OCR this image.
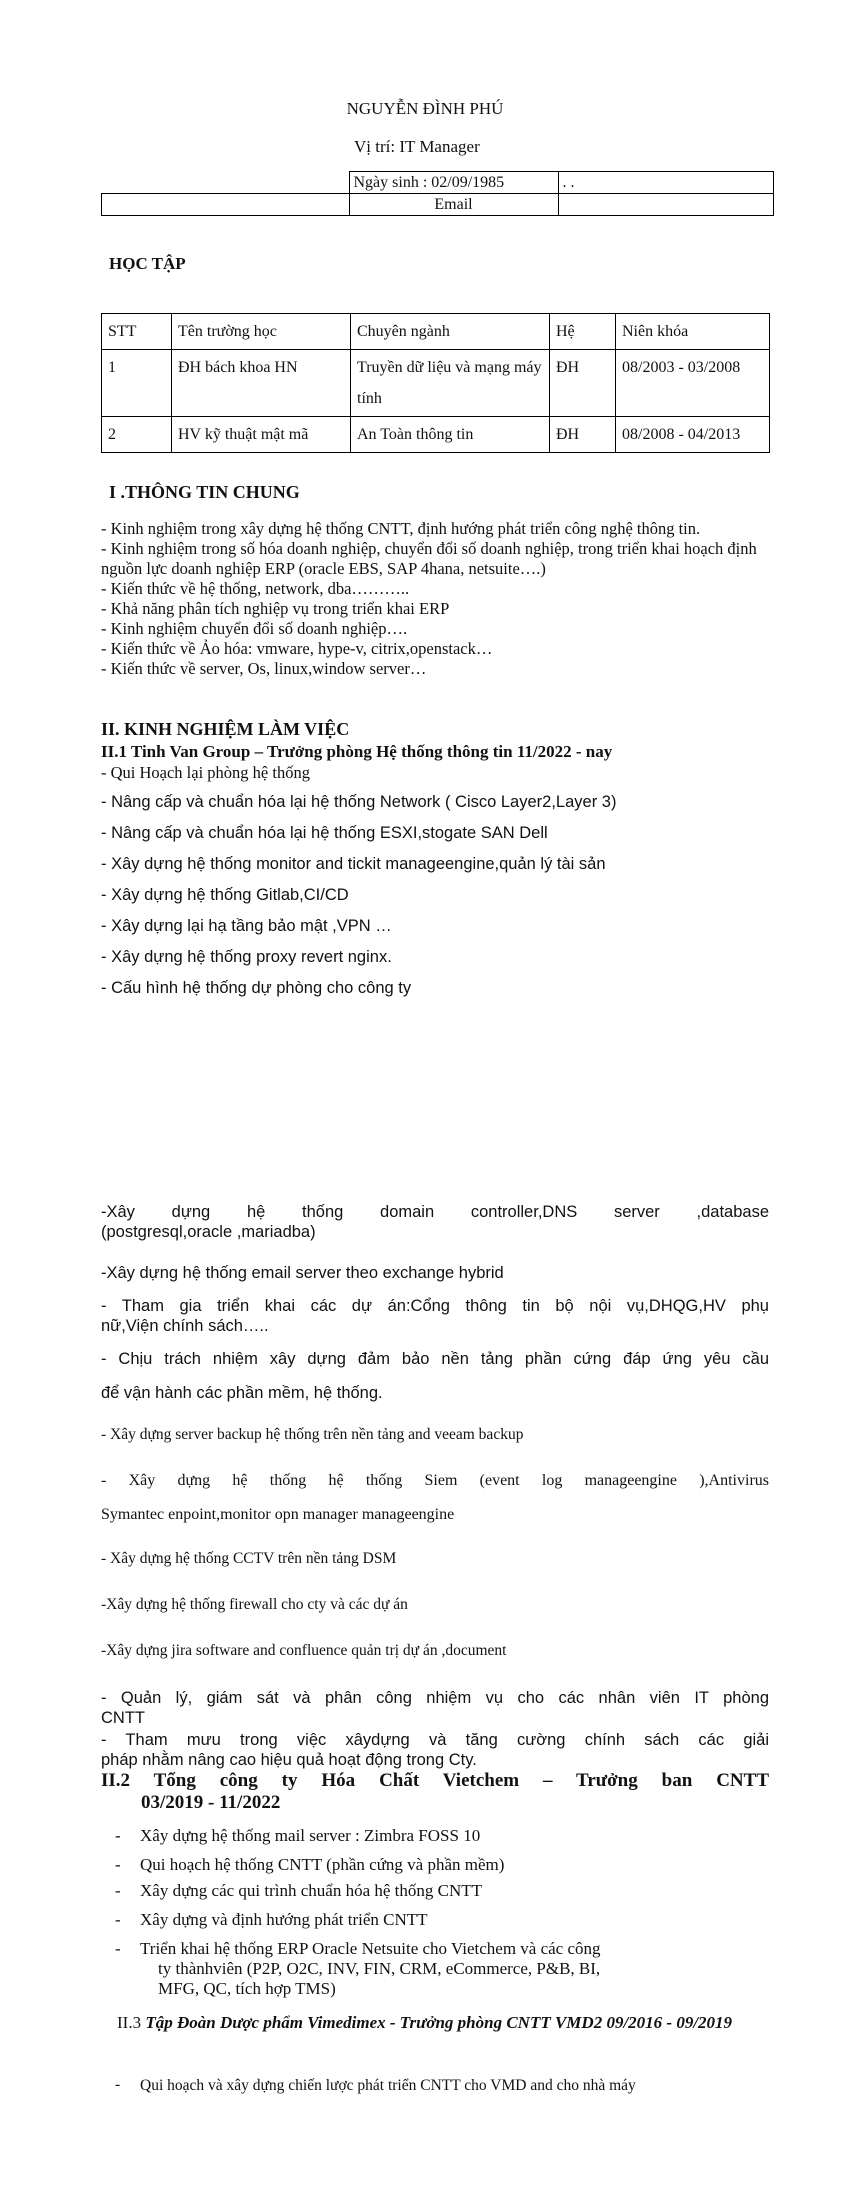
NGUYỄN ĐÌNH PHÚ
Vị trí: IT Manager
	Ngày sinh : 02/09/1985	. .
	Email	
HỌC TẬP
STT	Tên trường học	Chuyên ngành	Hệ	Niên khóa
1	ĐH bách khoa HN	Truyền dữ liệu và mạng máy tính	ĐH	08/2003 - 03/2008
2	HV kỹ thuật mật mã	An Toàn thông tin	ĐH	08/2008 - 04/2013
I .THÔNG TIN CHUNG

- Kinh nghiệm trong xây dựng hệ thống CNTT, định hướng phát triển công nghệ thông tin.

- Kinh nghiệm trong số hóa doanh nghiệp, chuyển đổi số doanh nghiệp, trong triển khai hoạch định nguồn lực doanh nghiệp ERP (oracle EBS, SAP 4hana, netsuite….)

- Kiến thức về hệ thống, network, dba………..

- Khả năng phân tích nghiệp vụ trong triển khai ERP

- Kinh nghiệm chuyển đổi số doanh nghiệp….

- Kiến thức về Ảo hóa: vmware, hype-v, citrix,openstack…

- Kiến thức về server, Os, linux,window server…

II. KINH NGHIỆM LÀM VIỆC
II.1 Tinh Van Group – Trưởng phòng Hệ thống thông tin 11/2022 - nay
- Qui Hoạch lại phòng hệ thống

- Nâng cấp và chuẩn hóa lại hệ thống Network ( Cisco Layer2,Layer 3)

- Nâng cấp và chuẩn hóa lại hệ thống ESXI,stogate SAN Dell

- Xây dựng hệ thống monitor and tickit manageengine,quản lý tài sản

- Xây dựng hệ thống Gitlab,CI/CD

- Xây dựng lại hạ tầng bảo mật ,VPN …

- Xây dựng hệ thống proxy revert nginx.

- Cấu hình hệ thống dự phòng cho công ty

-Xây dựng hệ thống domain controller,DNS server ,database

(postgresql,oracle ,mariadba)

-Xây dựng hệ thống email server theo exchange hybrid

- Tham gia triển khai các dự án:Cổng thông tin bộ nội vụ,DHQG,HV phụ

nữ,Viện chính sách…..

- Chịu trách nhiệm xây dựng đảm bảo nền tảng phần cứng đáp ứng yêu cầu

để vận hành các phần mềm, hệ thống.

- Xây dựng server backup hệ thống trên nền tảng and veeam backup

- Xây dựng hệ thống hệ thống Siem (event log manageengine ),Antivirus

Symantec enpoint,monitor opn manager manageengine

- Xây dựng hệ thống CCTV trên nền tảng DSM
-Xây dựng hệ thống firewall cho cty và các dự án
-Xây dựng jira software and confluence quản trị dự án ,document

- Quản lý, giám sát và phân công nhiệm vụ cho các nhân viên IT phòng

CNTT

- Tham mưu trong việc xâydựng và tăng cường chính sách các giải

pháp nhằm nâng cao hiệu quả hoạt động trong Cty.

II.2 Tổng công ty Hóa Chất Vietchem – Trưởng ban CNTT
03/2019 - 11/2022
- Xây dựng hệ thống mail server : Zimbra FOSS 10
- Qui hoạch hệ thống CNTT (phần cứng và phần mềm)
- Xây dựng các qui trình chuẩn hóa hệ thống CNTT
- Xây dựng và định hướng phát triển CNTT
- Triển khai hệ thống ERP Oracle Netsuite cho Vietchem và các công
ty thànhviên (P2P, O2C, INV, FIN, CRM, eCommerce, P&B, BI,
MFG, QC, tích hợp TMS)
II.3 Tập Đoàn Dược phẩm Vimedimex - Trưởng phòng CNTT VMD2 09/2016 - 09/2019
- Qui hoạch và xây dựng chiến lược phát triển CNTT cho VMD and cho nhà máy
